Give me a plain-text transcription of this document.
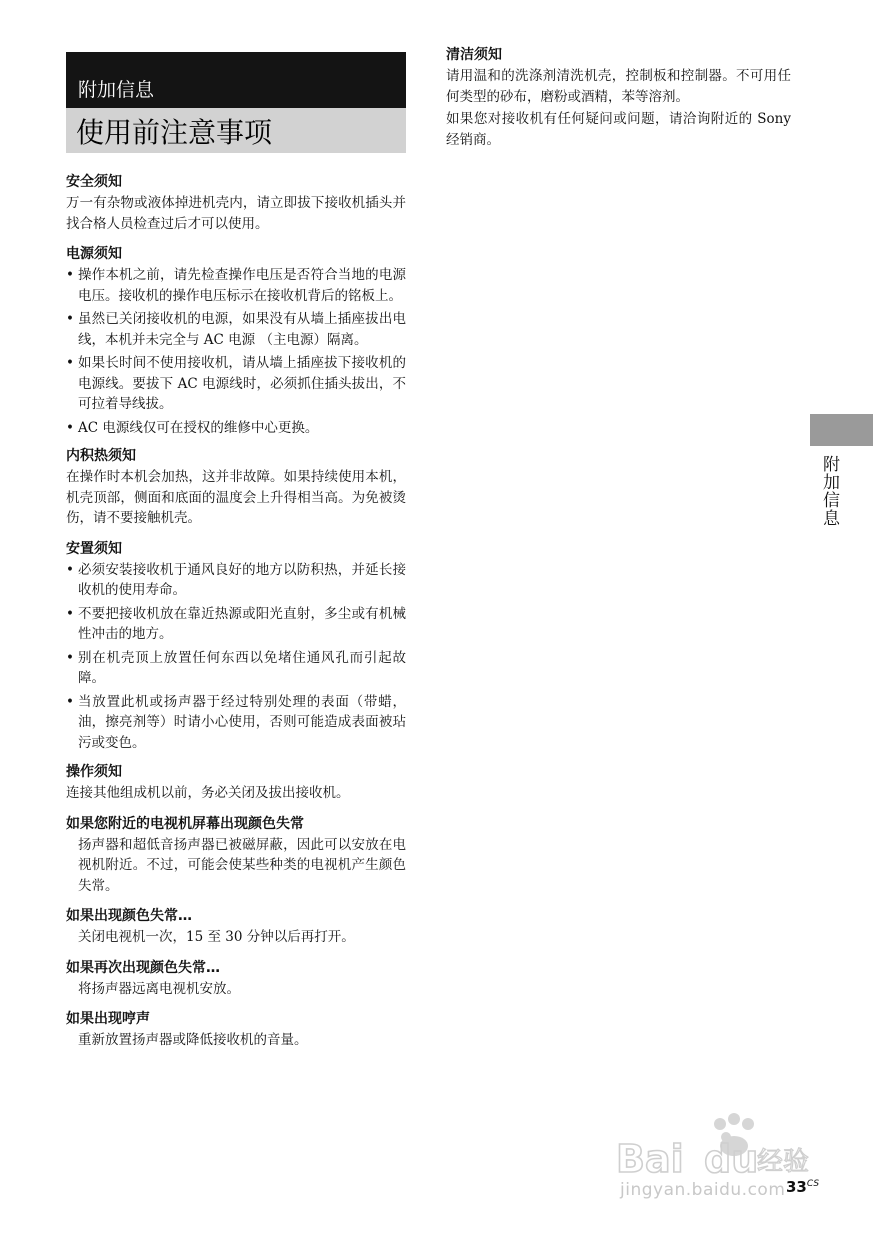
附加信息
使用前注意事项
安全须知

万一有杂物或液体掉进机壳内，请立即拔下接收机插头并找合格人员检查过后才可以使用。

电源须知
• 操作本机之前，请先检查操作电压是否符合当地的电源电压。接收机的操作电压标示在接收机背后的铭板上。
• 虽然已关闭接收机的电源，如果没有从墙上插座拔出电线，本机并未完全与 AC 电源 （主电源）隔离。
• 如果长时间不使用接收机，请从墙上插座拔下接收机的电源线。要拔下 AC 电源线时，必须抓住插头拔出，不可拉着导线拔。
• AC 电源线仅可在授权的维修中心更换。
内积热须知

在操作时本机会加热，这并非故障。如果持续使用本机，机壳顶部，侧面和底面的温度会上升得相当高。为免被烫伤，请不要接触机壳。

安置须知
• 必须安装接收机于通风良好的地方以防积热，并延长接收机的使用寿命。
• 不要把接收机放在靠近热源或阳光直射，多尘或有机械性冲击的地方。
• 别在机壳顶上放置任何东西以免堵住通风孔而引起故障。
• 当放置此机或扬声器于经过特别处理的表面（带蜡，油，擦亮剂等）时请小心使用，否则可能造成表面被玷污或变色。
操作须知

连接其他组成机以前，务必关闭及拔出接收机。

如果您附近的电视机屏幕出现颜色失常

扬声器和超低音扬声器已被磁屏蔽，因此可以安放在电视机附近。不过，可能会使某些种类的电视机产生颜色失常。

如果出现颜色失常…

关闭电视机一次，15 至 30 分钟以后再打开。

如果再次出现颜色失常…

将扬声器远离电视机安放。

如果出现哼声

重新放置扬声器或降低接收机的音量。

清洁须知

请用温和的洗涤剂清洗机壳，控制板和控制器。不可用任何类型的砂布，磨粉或酒精，苯等溶剂。

如果您对接收机有任何疑问或问题，请洽询附近的 Sony 经销商。

附加信息
Bai du
经验
jingyan.baidu.com $33^{CS}$
